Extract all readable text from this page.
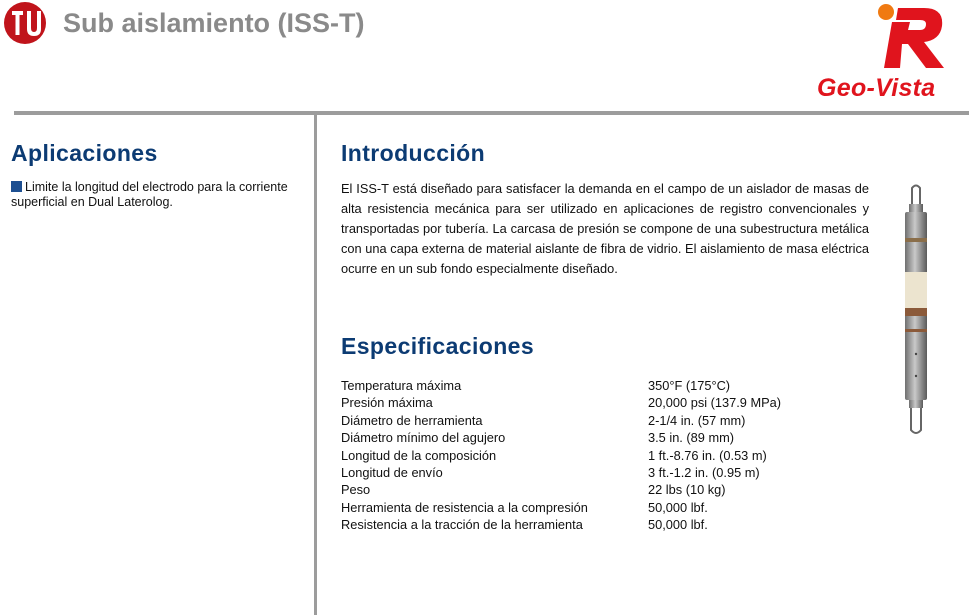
Sub aislamiento (ISS-T)
Geo-Vista
Aplicaciones
Limite la longitud del electrodo para la corriente superficial en Dual Laterolog.
Introducción
El ISS-T está diseñado para satisfacer la demanda en el campo de un aislador de masas de alta resistencia mecánica para ser utilizado en aplicaciones de registro convencionales y transportadas por tubería. La carcasa de presión se compone de una subestructura metálica con una capa externa de material aislante de fibra de vidrio. El aislamiento de masa eléctrica ocurre en un sub fondo especialmente diseñado.
Especificaciones
Temperatura máxima	350°F (175°C)
Presión máxima	20,000 psi (137.9 MPa)
Diámetro de herramienta	2-1/4 in. (57 mm)
Diámetro mínimo del agujero	3.5 in. (89 mm)
Longitud de la composición	1 ft.-8.76 in. (0.53 m)
Longitud de envío	3 ft.-1.2 in. (0.95 m)
Peso	22 lbs (10 kg)
Herramienta de resistencia a la compresión	50,000 lbf.
Resistencia a la tracción de la herramienta	50,000 lbf.
